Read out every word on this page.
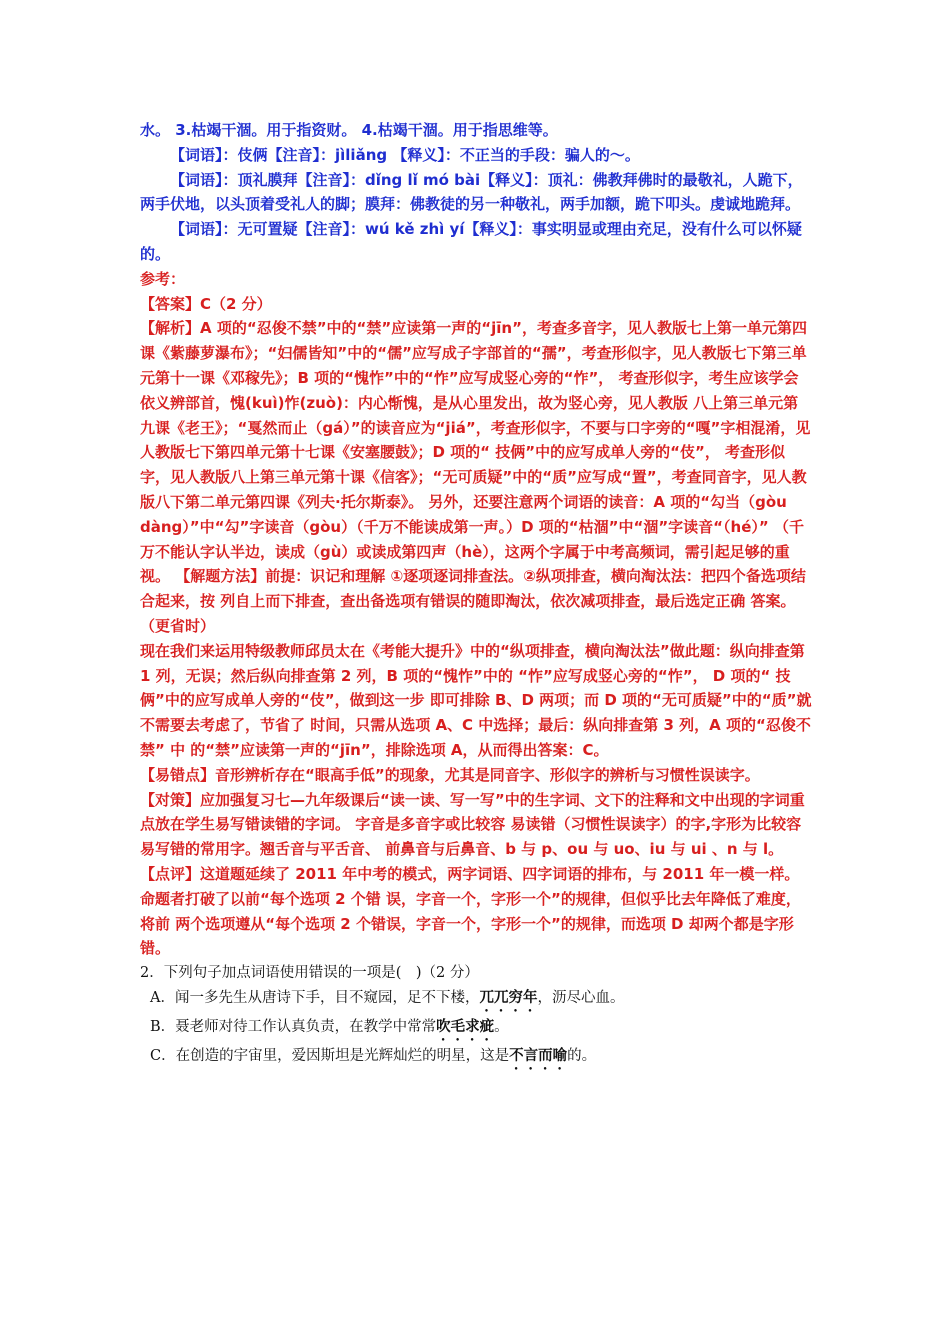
水。 3.枯竭干涸。用于指资财。 4.枯竭干涸。用于指思维等。

【词语】：伎俩【注音】：jìliǎng 【释义】：不正当的手段：骗人的～。

【词语】：顶礼膜拜【注音】：dǐng lǐ mó bài【释义】：顶礼：佛教拜佛时的最敬礼，人跪下，两手伏地，以头顶着受礼人的脚；膜拜：佛教徒的另一种敬礼，两手加额，跪下叩头。虔诚地跪拜。

【词语】：无可置疑【注音】：wú kě zhì yí【释义】：事实明显或理由充足，没有什么可以怀疑的。

参考：

【答案】C（2 分）

【解析】A 项的“忍俊不禁”中的“禁”应读第一声的“jīn”，考查多音字，见人教版七上第一单元第四课《紫藤萝瀑布》；“妇儒皆知”中的“儒”应写成子字部首的“孺”，考查形似字，见人教版七下第三单元第十一课《邓稼先》；B 项的“愧怍”中的“怍”应写成竖心旁的“怍”， 考查形似字，考生应该学会依义辨部首，愧(kuì)怍(zuò)：内心惭愧，是从心里发出，故为竖心旁，见人教版 八上第三单元第九课《老王》；“戛然而止（gá）”的读音应为“jiá”，考查形似字，不要与口字旁的“嘎”字相混淆，见人教版七下第四单元第十七课《安塞腰鼓》；D 项的“ 技俩”中的应写成单人旁的“伎”， 考查形似字，见人教版八上第三单元第十课《信客》；“无可质疑”中的“质”应写成“置”，考查同音字，见人教版八下第二单元第四课《列夫·托尔斯泰》。 另外，还要注意两个词语的读音：A 项的“勾当（gòu dàng）”中“勾”字读音（gòu）（千万不能读成第一声。）D 项的“枯涸”中“涸”字读音“（hé）” （千万不能认字认半边，读成（gù）或读成第四声（hè），这两个字属于中考高频词，需引起足够的重视。 【解题方法】前提：识记和理解 ①逐项逐词排查法。②纵项排查，横向淘汰法：把四个备选项结合起来，按 列自上而下排查，查出备选项有错误的随即淘汰，依次减项排查，最后选定正确 答案。（更省时）

现在我们来运用特级教师邱员太在《考能大提升》中的“纵项排查，横向淘汰法”做此题：纵向排查第 1 列，无误；然后纵向排查第 2 列，B 项的“愧怍”中的 “怍”应写成竖心旁的“怍”， D 项的“ 技俩”中的应写成单人旁的“伎”，做到这一步 即可排除 B、D 两项；而 D 项的“无可质疑”中的“质”就不需要去考虑了，节省了 时间，只需从选项 A、C 中选择；最后：纵向排查第 3 列，A 项的“忍俊不禁” 中 的“禁”应读第一声的“jīn”，排除选项 A，从而得出答案：C。

【易错点】音形辨析存在“眼高手低”的现象，尤其是同音字、形似字的辨析与习惯性误读字。

【对策】应加强复习七—九年级课后“读一读、写一写”中的生字词、文下的注释和文中出现的字词重点放在学生易写错读错的字词。 字音是多音字或比较容 易读错（习惯性误读字）的字,字形为比较容易写错的常用字。翘舌音与平舌音、 前鼻音与后鼻音、b 与 p、ou 与 uo、iu 与 ui 、n 与 l。

【点评】这道题延续了 2011 年中考的模式，两字词语、四字词语的排布，与 2011 年一模一样。命题者打破了以前“每个选项 2 个错 误，字音一个，字形一个”的规律，但似乎比去年降低了难度，将前 两个选项遵从“每个选项 2 个错误，字音一个，字形一个”的规律，而选项 D 却两个都是字形错。

2．下列句子加点词语使用错误的一项是(　)（2 分）

A．闻一多先生从唐诗下手，目不窥园，足不下楼，兀兀穷年，沥尽心血。

B．聂老师对待工作认真负责，在教学中常常吹毛求疵。

C．在创造的宇宙里，爱因斯坦是光辉灿烂的明星，这是不言而喻的。
